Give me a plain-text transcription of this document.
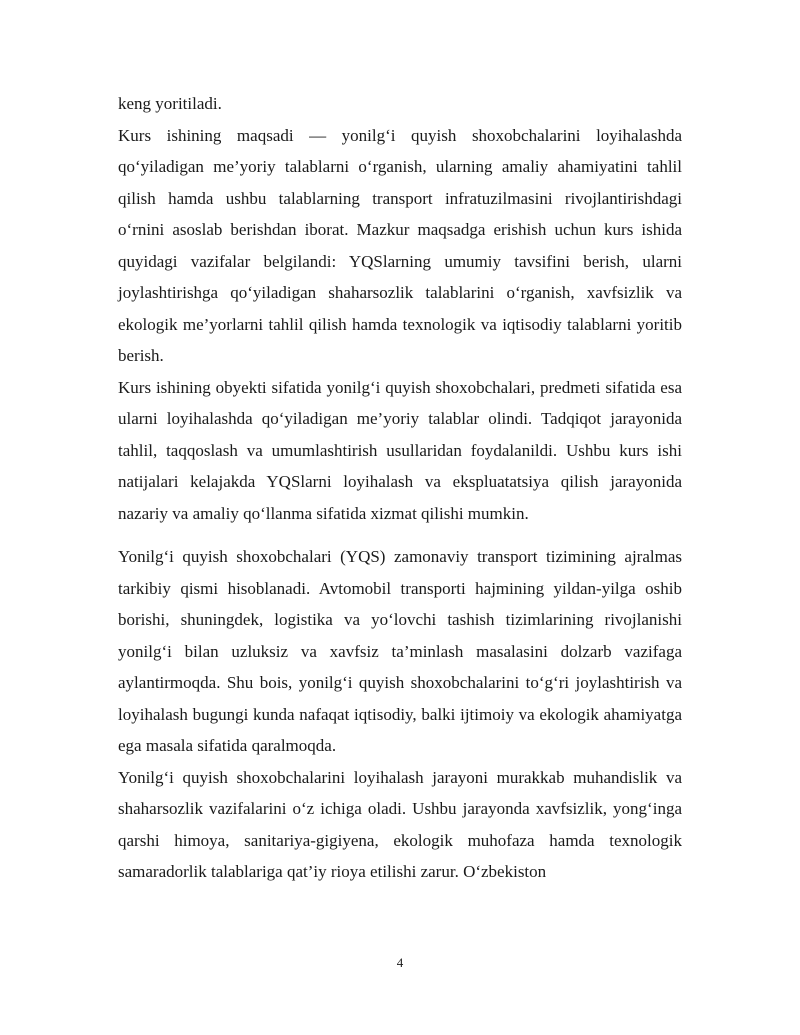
keng yoritiladi.

Kurs ishining maqsadi — yonilg‘i quyish shoxobchalarini loyihalashda qo‘yiladigan me’yoriy talablarni o‘rganish, ularning amaliy ahamiyatini tahlil qilish hamda ushbu talablarning transport infratuzilmasini rivojlantirishdagi o‘rnini asoslab berishdan iborat. Mazkur maqsadga erishish uchun kurs ishida quyidagi vazifalar belgilandi: YQSlarning umumiy tavsifini berish, ularni joylashtirishga qo‘yiladigan shaharsozlik talablarini o‘rganish, xavfsizlik va ekologik me’yorlarni tahlil qilish hamda texnologik va iqtisodiy talablarni yoritib berish.

Kurs ishining obyekti sifatida yonilg‘i quyish shoxobchalari, predmeti sifatida esa ularni loyihalashda qo‘yiladigan me’yoriy talablar olindi. Tadqiqot jarayonida tahlil, taqqoslash va umumlashtirish usullaridan foydalanildi. Ushbu kurs ishi natijalari kelajakda YQSlarni loyihalash va ekspluatatsiya qilish jarayonida nazariy va amaliy qo‘llanma sifatida xizmat qilishi mumkin.

Yonilg‘i quyish shoxobchalari (YQS) zamonaviy transport tizimining ajralmas tarkibiy qismi hisoblanadi. Avtomobil transporti hajmining yildan-yilga oshib borishi, shuningdek, logistika va yo‘lovchi tashish tizimlarining rivojlanishi yonilg‘i bilan uzluksiz va xavfsiz ta’minlash masalasini dolzarb vazifaga aylantirmoqda. Shu bois, yonilg‘i quyish shoxobchalarini to‘g‘ri joylashtirish va loyihalash bugungi kunda nafaqat iqtisodiy, balki ijtimoiy va ekologik ahamiyatga ega masala sifatida qaralmoqda.

Yonilg‘i quyish shoxobchalarini loyihalash jarayoni murakkab muhandislik va shaharsozlik vazifalarini o‘z ichiga oladi. Ushbu jarayonda xavfsizlik, yong‘inga qarshi himoya, sanitariya-gigiyena, ekologik muhofaza hamda texnologik samaradorlik talablariga qat’iy rioya etilishi zarur. O‘zbekiston

4
